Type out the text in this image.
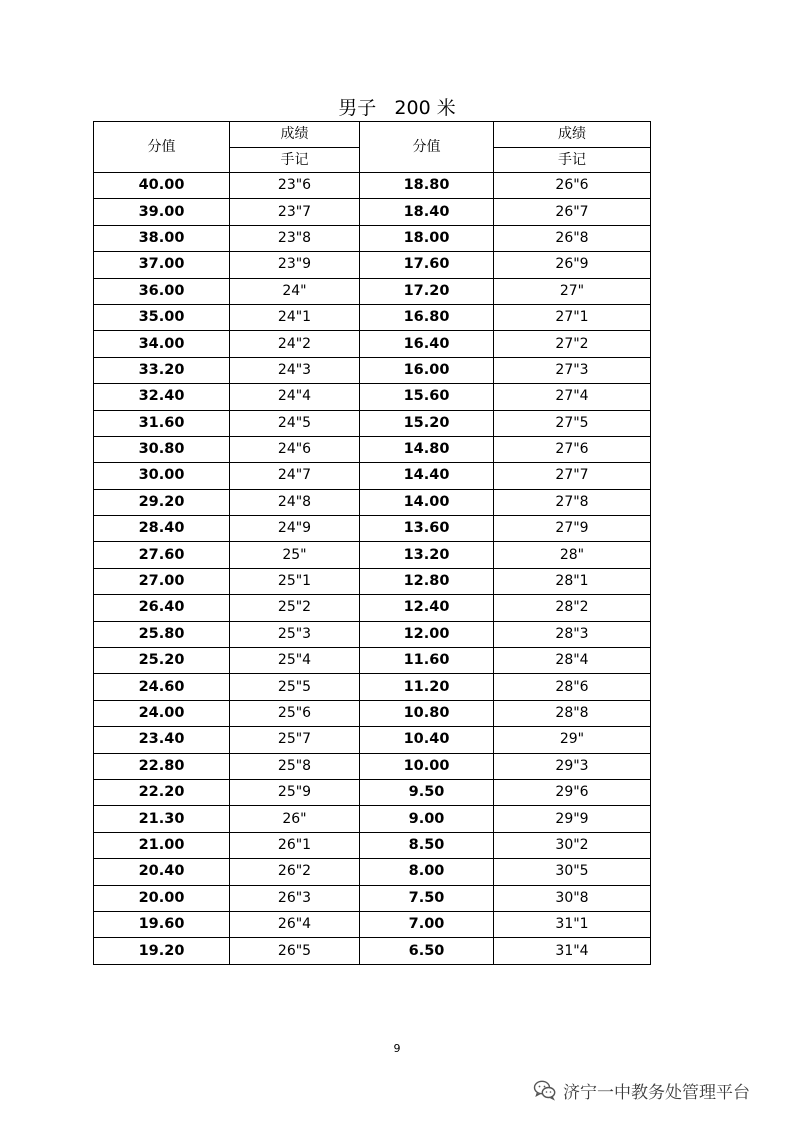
男子   200 米
分值	成绩	分值	成绩
	手记		手记
40.00	23"6	18.80	26"6
39.00	23"7	18.40	26"7
38.00	23"8	18.00	26"8
37.00	23"9	17.60	26"9
36.00	24"	17.20	27"
35.00	24"1	16.80	27"1
34.00	24"2	16.40	27"2
33.20	24"3	16.00	27"3
32.40	24"4	15.60	27"4
31.60	24"5	15.20	27"5
30.80	24"6	14.80	27"6
30.00	24"7	14.40	27"7
29.20	24"8	14.00	27"8
28.40	24"9	13.60	27"9
27.60	25"	13.20	28"
27.00	25"1	12.80	28"1
26.40	25"2	12.40	28"2
25.80	25"3	12.00	28"3
25.20	25"4	11.60	28"4
24.60	25"5	11.20	28"6
24.00	25"6	10.80	28"8
23.40	25"7	10.40	29"
22.80	25"8	10.00	29"3
22.20	25"9	9.50	29"6
21.30	26"	9.00	29"9
21.00	26"1	8.50	30"2
20.40	26"2	8.00	30"5
20.00	26"3	7.50	30"8
19.60	26"4	7.00	31"1
19.20	26"5	6.50	31"4
9
济宁一中教务处管理平台
